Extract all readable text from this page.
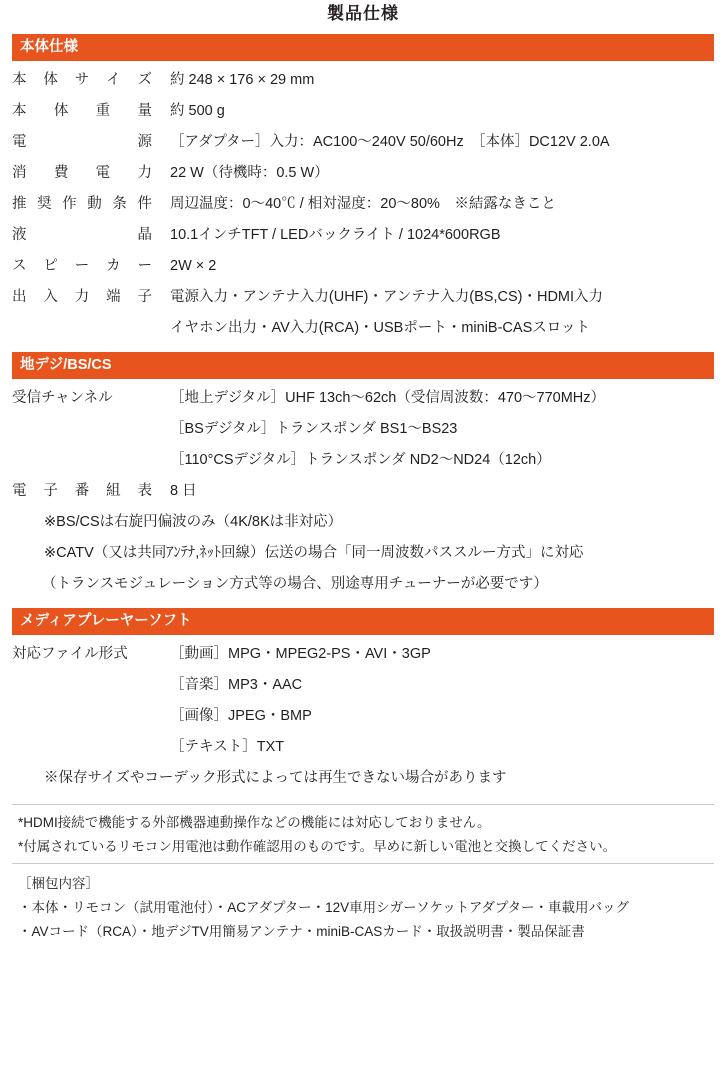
製品仕様
本体仕様
本 体 サ イ ズ	約 248 × 176 × 29 mm

本 体 重 量	約 500 g

電 源	［アダプター］入力：AC100〜240V 50/60Hz　［本体］DC12V 2.0A

消 費 電 力	22 W（待機時：0.5 W）

推 奨 作 動 条 件	周辺温度：0〜40℃ / 相対湿度：20〜80%　※結露なきこと

液 晶	10.1インチTFT / LEDバックライト / 1024*600RGB

ス ピ ー カ ー	2W × 2

出 入 力 端 子	電源入力・アンテナ入力(UHF)・アンテナ入力(BS,CS)・HDMI入力
イヤホン出力・AV入力(RCA)・USBポート・miniB-CASスロット
地デジ/BS/CS
受信チャンネル	［地上デジタル］UHF 13ch〜62ch（受信周波数：470〜770MHz）
［BSデジタル］トランスポンダ BS1〜BS23
［110°CSデジタル］トランスポンダ ND2〜ND24（12ch）

電 子 番 組 表	8 日
※BS/CSは右旋円偏波のみ（4K/8Kは非対応）
※CATV（又は共同ｱﾝﾃﾅ,ﾈｯﾄ回線）伝送の場合「同一周波数パススルー方式」に対応
（トランスモジュレーション方式等の場合、別途専用チューナーが必要です）
メディアプレーヤーソフト
対応ファイル形式	［動画］MPG・MPEG2-PS・AVI・3GP
［音楽］MP3・AAC
［画像］JPEG・BMP
［テキスト］TXT
※保存サイズやコーデック形式によっては再生できない場合があります
*HDMI接続で機能する外部機器連動操作などの機能には対応しておりません。
*付属されているリモコン用電池は動作確認用のものです。早めに新しい電池と交換してください。
［梱包内容］
・本体・リモコン（試用電池付）・ACアダプター・12V車用シガーソケットアダプター・車載用バッグ
・AVコード（RCA）・地デジTV用簡易アンテナ・miniB-CASカード・取扱説明書・製品保証書
